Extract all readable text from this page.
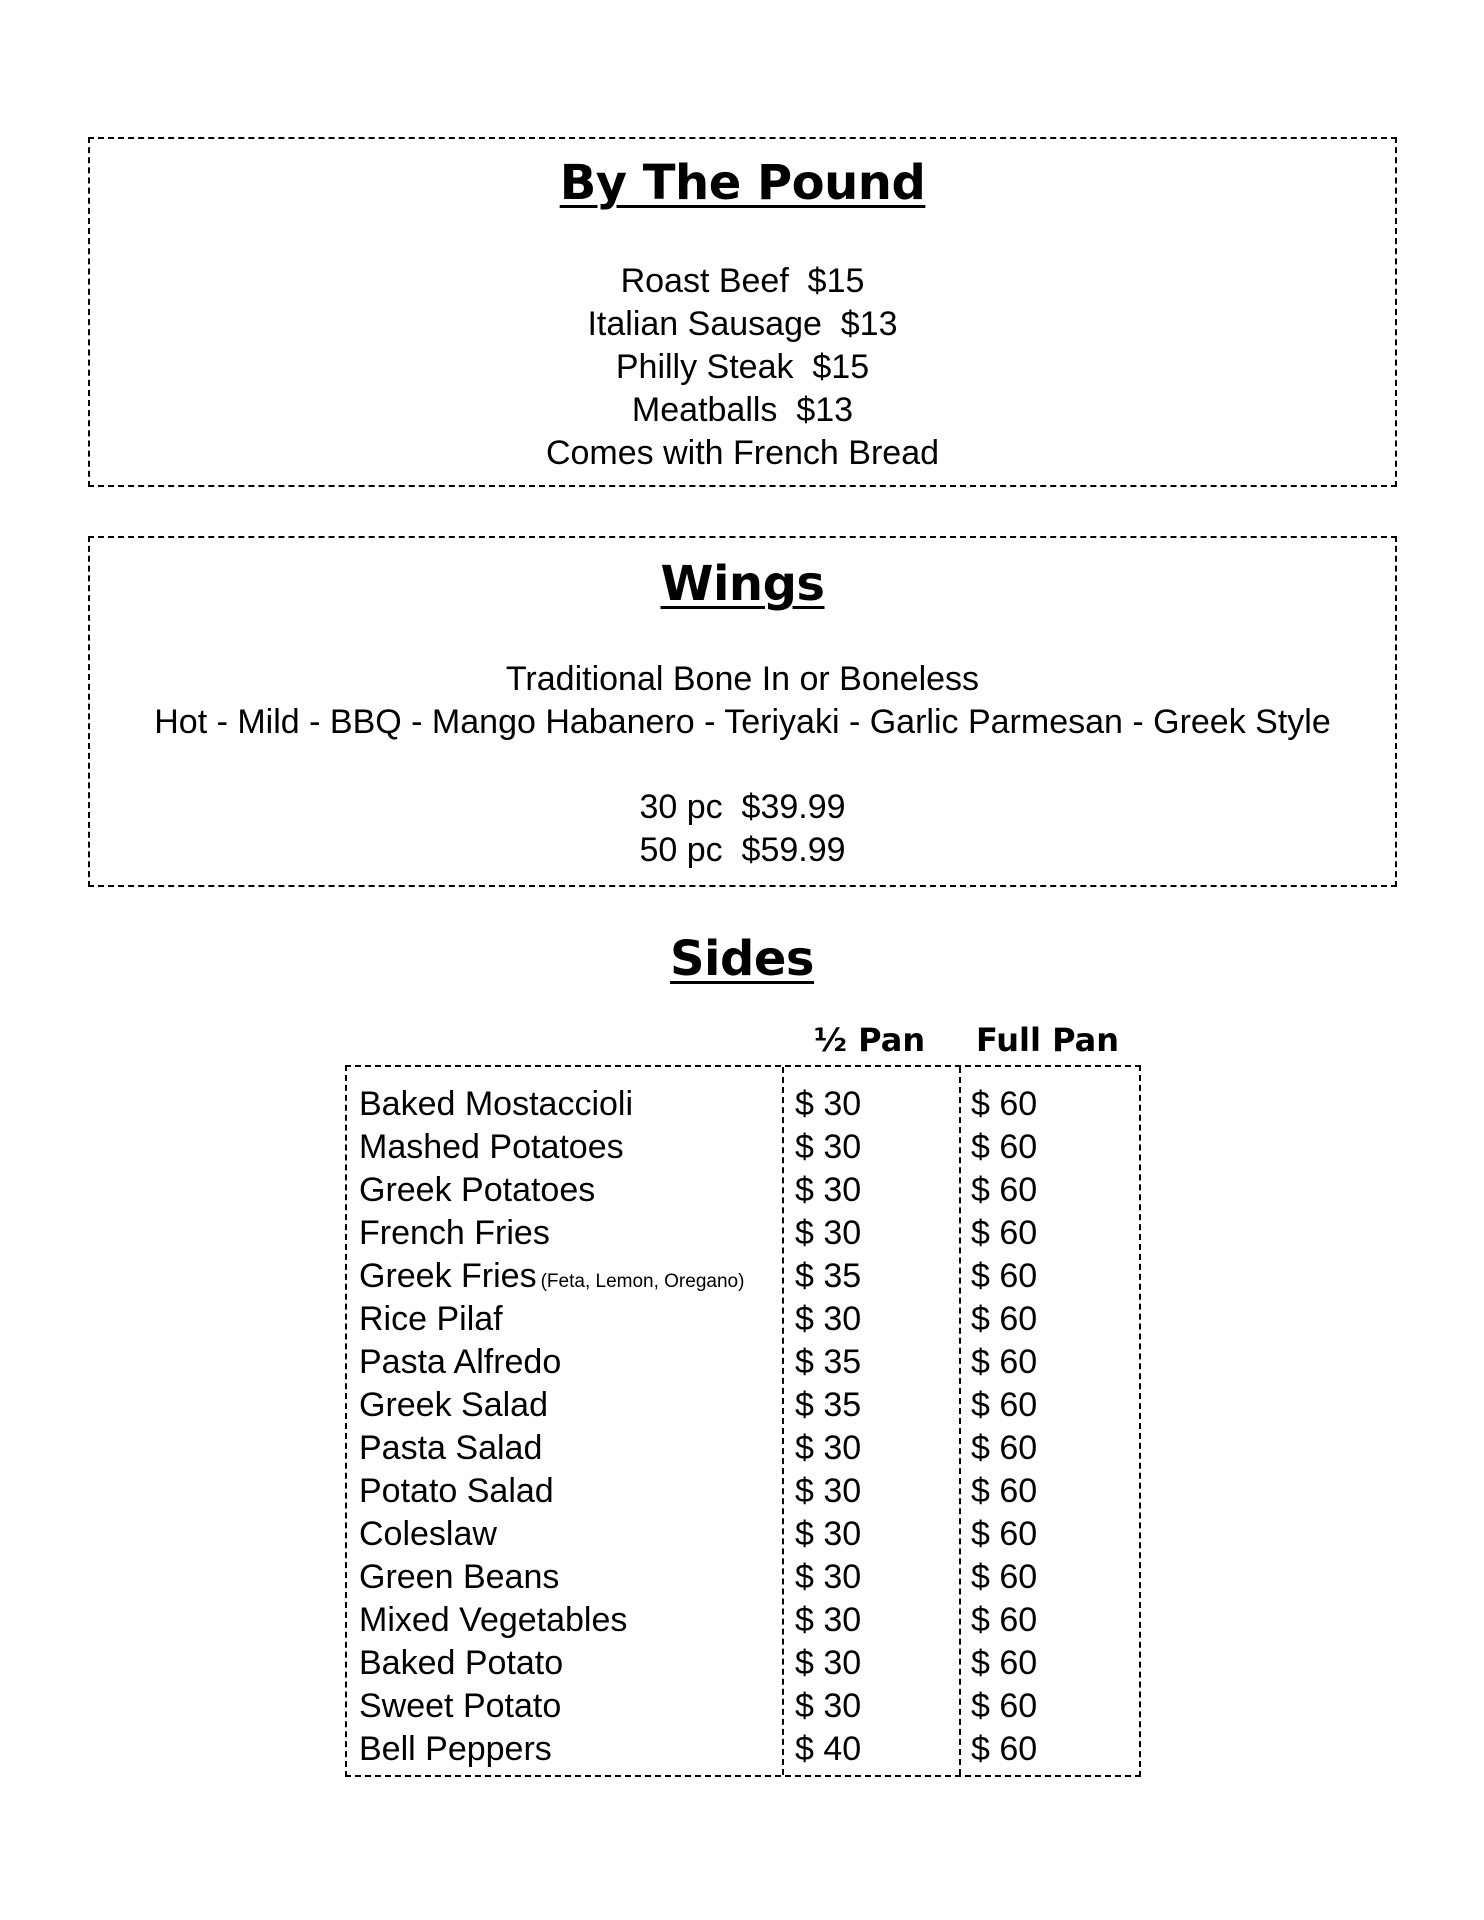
By The Pound
Roast Beef  $15
Italian Sausage  $13
Philly Steak  $15
Meatballs  $13
Comes with French Bread
Wings
Traditional Bone In or Boneless
Hot - Mild - BBQ - Mango Habanero - Teriyaki - Garlic Parmesan - Greek Style
30 pc  $39.99
50 pc  $59.99
Sides
½ Pan	Full Pan
Baked Mostaccioli	$ 30	$ 60
Mashed Potatoes	$ 30	$ 60
Greek Potatoes	$ 30	$ 60
French Fries	$ 30	$ 60
Greek Fries (Feta, Lemon, Oregano) $ 35	$ 60
Rice Pilaf	$ 30	$ 60
Pasta Alfredo	$ 35	$ 60
Greek Salad	$ 35	$ 60
Pasta Salad	$ 30	$ 60
Potato Salad	$ 30	$ 60
Coleslaw	$ 30	$ 60
Green Beans	$ 30	$ 60
Mixed Vegetables	$ 30	$ 60
Baked Potato	$ 30	$ 60
Sweet Potato	$ 30	$ 60
Bell Peppers	$ 40	$ 60
